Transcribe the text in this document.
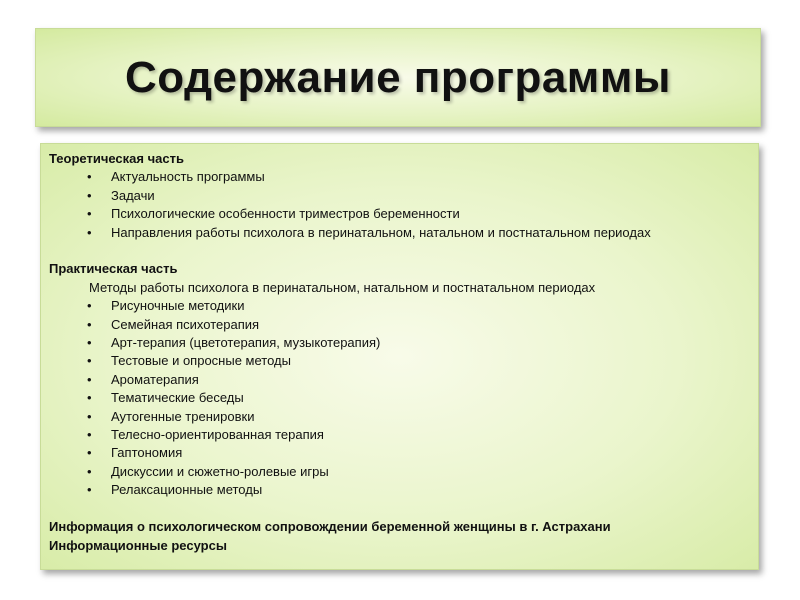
Содержание программы
Теоретическая часть
• Актуальность программы
• Задачи
• Психологические особенности триместров беременности
• Направления работы психолога в перинатальном, натальном и постнатальном периодах
Практическая часть
Методы работы психолога в перинатальном, натальном и постнатальном периодах
• Рисуночные методики
• Семейная психотерапия
• Арт-терапия (цветотерапия, музыкотерапия)
• Тестовые и опросные методы
• Ароматерапия
• Тематические беседы
• Аутогенные тренировки
• Телесно-ориентированная терапия
• Гаптономия
• Дискуссии и сюжетно-ролевые игры
• Релаксационные методы
Информация о психологическом сопровождении беременной женщины в г. Астрахани
Информационные ресурсы
